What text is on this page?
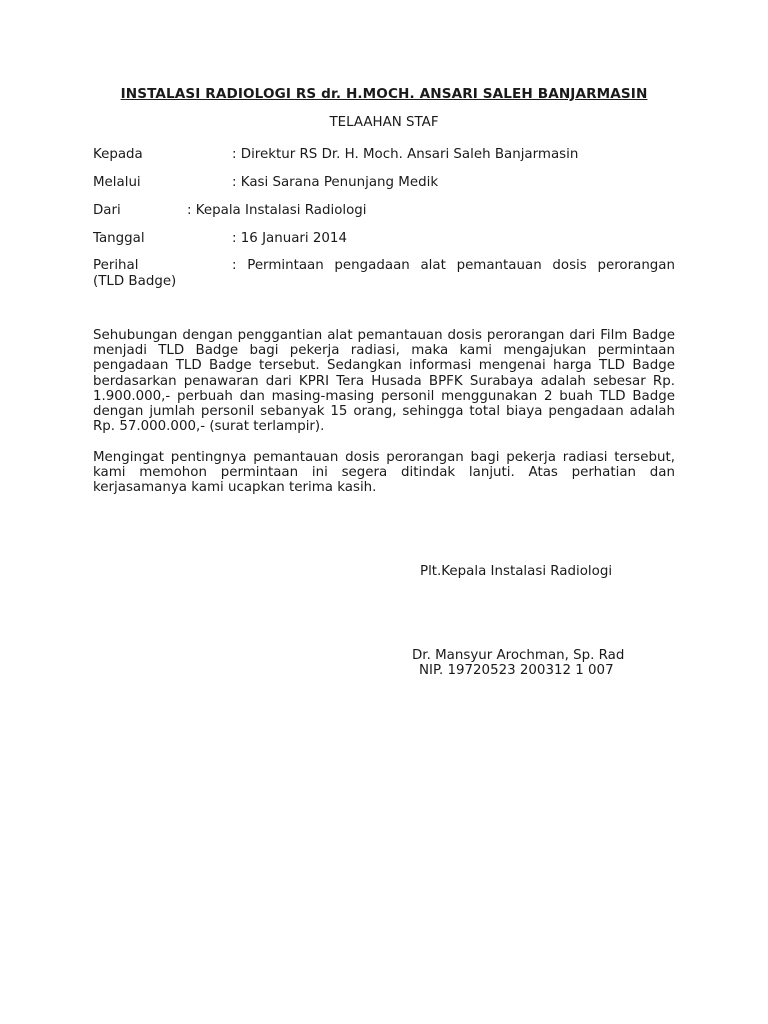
INSTALASI RADIOLOGI RS dr. H.MOCH. ANSARI SALEH BANJARMASIN
TELAAHAN STAF
Kepada	: Direktur RS Dr. H. Moch. Ansari Saleh Banjarmasin
Melalui	: Kasi Sarana Penunjang Medik
Dari	: Kepala Instalasi Radiologi
Tanggal	: 16 Januari 2014
Perihal	: Permintaan pengadaan alat pemantauan dosis perorangan
(TLD Badge)
Sehubungan dengan penggantian alat pemantauan dosis perorangan dari Film Badge menjadi TLD Badge bagi pekerja radiasi, maka kami mengajukan permintaan pengadaan TLD Badge tersebut. Sedangkan informasi mengenai harga TLD Badge berdasarkan penawaran dari KPRI Tera Husada BPFK Surabaya adalah sebesar Rp. 1.900.000,- perbuah dan masing-masing personil menggunakan 2 buah TLD Badge dengan jumlah personil sebanyak 15 orang, sehingga total biaya pengadaan adalah Rp. 57.000.000,- (surat terlampir).
Mengingat pentingnya pemantauan dosis perorangan bagi pekerja radiasi tersebut, kami memohon permintaan ini segera ditindak lanjuti. Atas perhatian dan kerjasamanya kami ucapkan terima kasih.
Plt.Kepala Instalasi Radiologi
Dr. Mansyur Arochman, Sp. Rad
NIP. 19720523 200312 1 007
